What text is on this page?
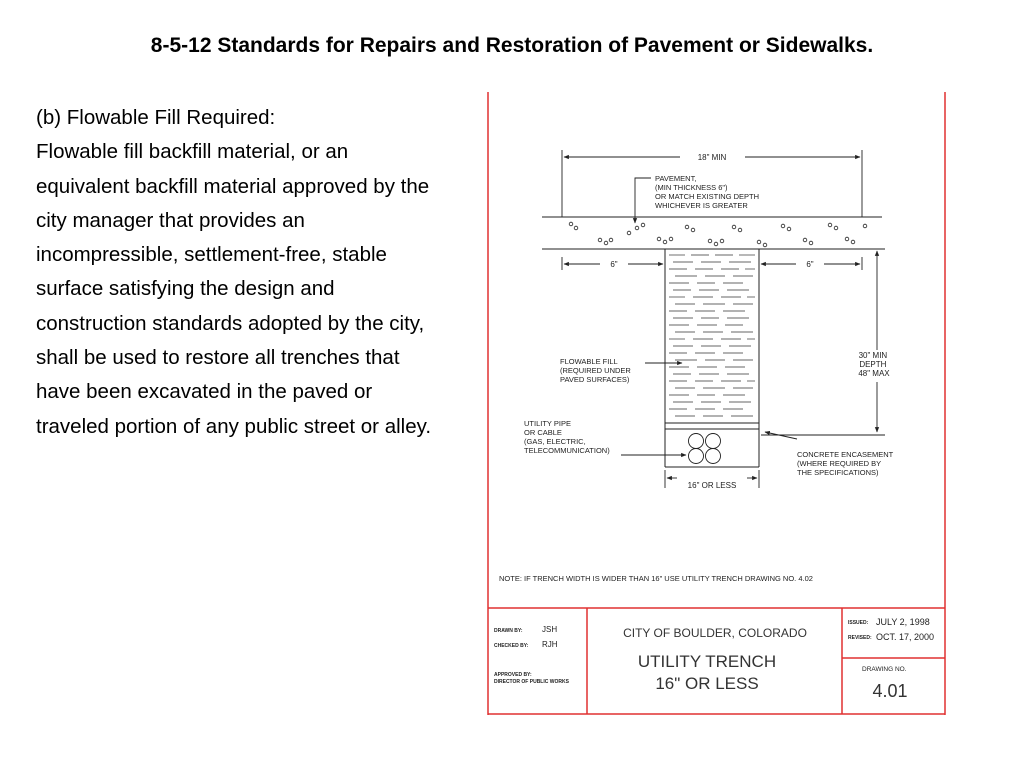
8-5-12 Standards for Repairs and Restoration of Pavement or Sidewalks.

(b) Flowable Fill Required:

Flowable fill backfill material, or an equivalent backfill material approved by the city manager that provides an incompressible, settlement-free, stable surface satisfying the design and construction standards adopted by the city, shall be used to restore all trenches that have been excavated in the paved or traveled portion of any public street or alley.

18" MIN
PAVEMENT, (MIN THICKNESS 6") OR MATCH EXISTING DEPTH WHICHEVER IS GREATER
6"	6"
30" MIN DEPTH 48" MAX
FLOWABLE FILL (REQUIRED UNDER PAVED SURFACES)
UTILITY PIPE OR CABLE (GAS, ELECTRIC, TELECOMMUNICATION)	CONCRETE ENCASEMENT (WHERE REQUIRED BY THE SPECIFICATIONS)
16" OR LESS
NOTE: IF TRENCH WIDTH IS WIDER THAN 16" USE UTILITY TRENCH DRAWING NO. 4.02
DRAWN BY: JSH
CHECKED BY: RJH
APPROVED BY:
DIRECTOR OF PUBLIC WORKS
CITY OF BOULDER, COLORADO
UTILITY TRENCH
16" OR LESS
ISSUED: JULY 2, 1998
REVISED: OCT. 17, 2000
DRAWING NO.
4.01
